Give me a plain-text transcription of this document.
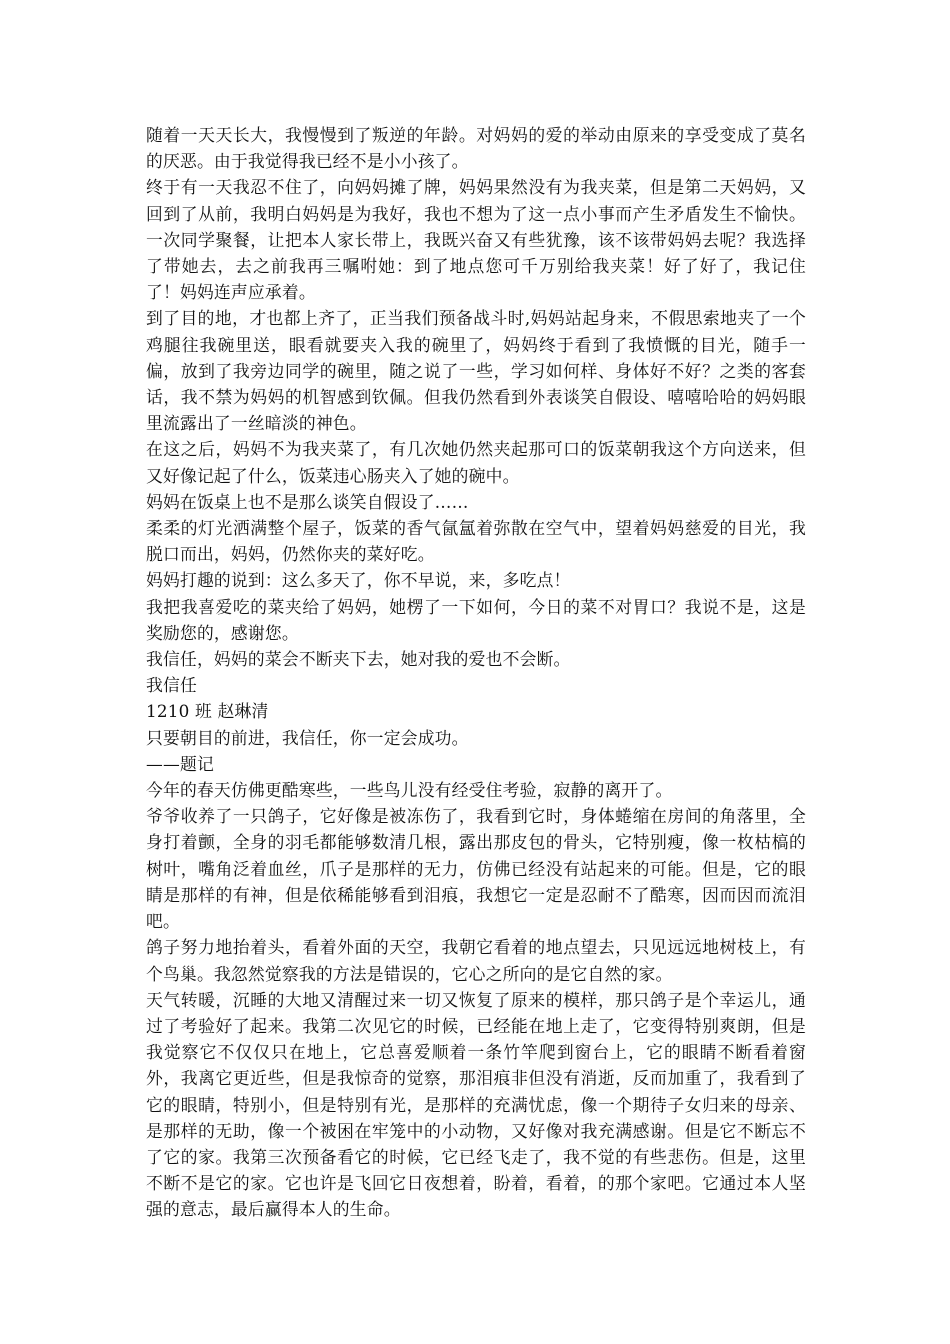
随着一天天长大，我慢慢到了叛逆的年龄。对妈妈的爱的举动由原来的享受变成了莫名的厌恶。由于我觉得我已经不是小小孩了。

终于有一天我忍不住了，向妈妈摊了牌，妈妈果然没有为我夹菜，但是第二天妈妈，又回到了从前，我明白妈妈是为我好，我也不想为了这一点小事而产生矛盾发生不愉快。一次同学聚餐，让把本人家长带上，我既兴奋又有些犹豫，该不该带妈妈去呢？我选择了带她去，去之前我再三嘱咐她：到了地点您可千万别给我夹菜！好了好了，我记住了！妈妈连声应承着。

到了目的地，才也都上齐了，正当我们预备战斗时,妈妈站起身来，不假思索地夹了一个鸡腿往我碗里送，眼看就要夹入我的碗里了，妈妈终于看到了我愤慨的目光，随手一偏，放到了我旁边同学的碗里，随之说了一些，学习如何样、身体好不好？之类的客套话，我不禁为妈妈的机智感到钦佩。但我仍然看到外表谈笑自假设、嘻嘻哈哈的妈妈眼里流露出了一丝暗淡的神色。

在这之后，妈妈不为我夹菜了，有几次她仍然夹起那可口的饭菜朝我这个方向送来，但又好像记起了什么，饭菜违心肠夹入了她的碗中。

妈妈在饭桌上也不是那么谈笑自假设了……

柔柔的灯光洒满整个屋子，饭菜的香气氤氲着弥散在空气中，望着妈妈慈爱的目光，我脱口而出，妈妈，仍然你夹的菜好吃。

妈妈打趣的说到：这么多天了，你不早说，来，多吃点！

我把我喜爱吃的菜夹给了妈妈，她楞了一下如何，今日的菜不对胃口？我说不是，这是奖励您的，感谢您。

我信任，妈妈的菜会不断夹下去，她对我的爱也不会断。

我信任

1210 班 赵琳清

只要朝目的前进，我信任，你一定会成功。

——题记

今年的春天仿佛更酷寒些，一些鸟儿没有经受住考验，寂静的离开了。

爷爷收养了一只鸽子，它好像是被冻伤了，我看到它时，身体蜷缩在房间的角落里，全身打着颤，全身的羽毛都能够数清几根，露出那皮包的骨头，它特别瘦，像一枚枯槁的树叶，嘴角泛着血丝，爪子是那样的无力，仿佛已经没有站起来的可能。但是，它的眼睛是那样的有神，但是依稀能够看到泪痕，我想它一定是忍耐不了酷寒，因而因而流泪吧。

鸽子努力地抬着头，看着外面的天空，我朝它看着的地点望去，只见远远地树枝上，有个鸟巢。我忽然觉察我的方法是错误的，它心之所向的是它自然的家。

天气转暖，沉睡的大地又清醒过来一切又恢复了原来的模样，那只鸽子是个幸运儿，通过了考验好了起来。我第二次见它的时候，已经能在地上走了，它变得特别爽朗，但是我觉察它不仅仅只在地上，它总喜爱顺着一条竹竿爬到窗台上，它的眼睛不断看着窗外，我离它更近些，但是我惊奇的觉察，那泪痕非但没有消逝，反而加重了，我看到了它的眼睛，特别小，但是特别有光，是那样的充满忧虑，像一个期待子女归来的母亲、是那样的无助，像一个被困在牢笼中的小动物，又好像对我充满感谢。但是它不断忘不了它的家。我第三次预备看它的时候，它已经飞走了，我不觉的有些悲伤。但是，这里不断不是它的家。它也许是飞回它日夜想着，盼着，看着，的那个家吧。它通过本人坚强的意志，最后赢得本人的生命。
